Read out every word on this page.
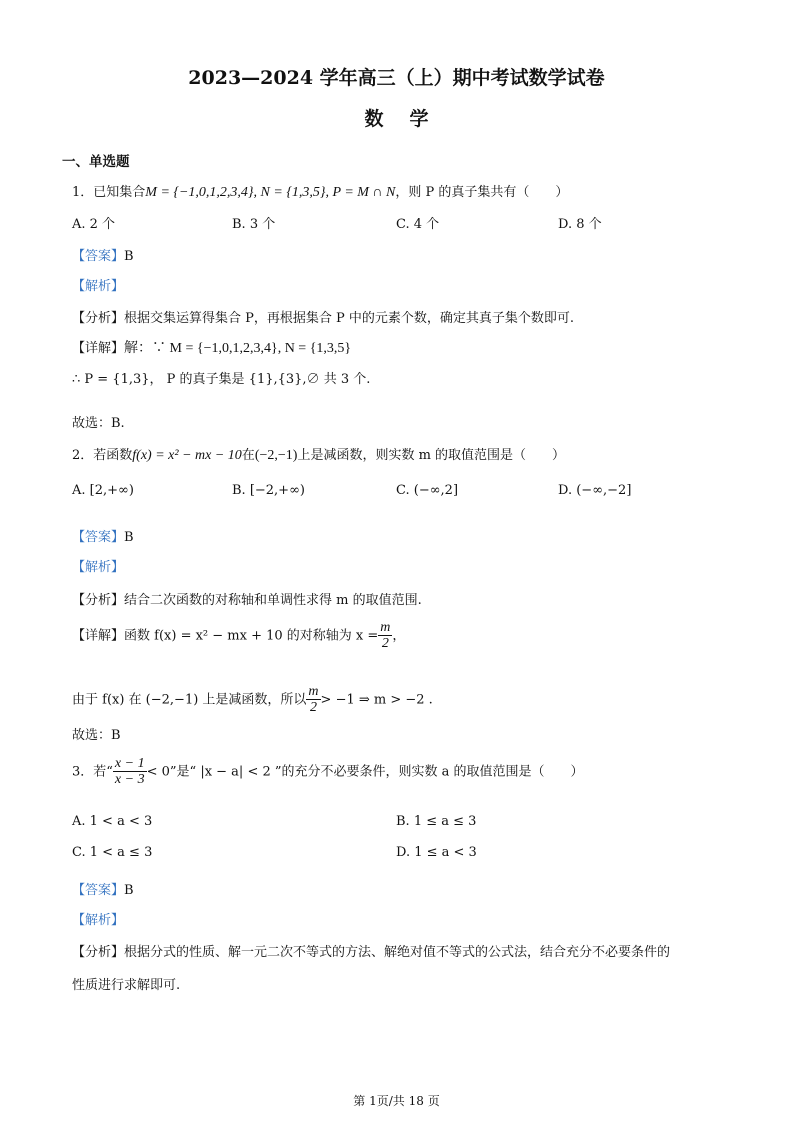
2023—2024 学年高三（上）期中考试数学试卷
数学
一、单选题
1．已知集合M = {−1,0,1,2,3,4}, N = {1,3,5}, P = M ∩ N，则 P 的真子集共有（　　）
A. 2 个	B. 3 个	C. 4 个	D. 8 个
【答案】B
【解析】
【分析】根据交集运算得集合 P，再根据集合 P 中的元素个数，确定其真子集个数即可.
【详解】解：∵ M = {−1,0,1,2,3,4}, N = {1,3,5}
∴ P = {1,3}， P 的真子集是 {1},{3},∅ 共 3 个.
故选：B.
2．若函数f(x) = x² − mx − 10在(−2,−1)上是减函数，则实数 m 的取值范围是（　　）
A. [2,+∞)	B. [−2,+∞)	C. (−∞,2]	D. (−∞,−2]
【答案】B
【解析】
【分析】结合二次函数的对称轴和单调性求得 m 的取值范围.
【详解】函数 f(x) = x² − mx + 10 的对称轴为 $x = \frac{m}{2}$ ，
由于 f(x) 在 (−2,−1) 上是减函数，所以 $\frac{m}{2} > -1$ ⇒ m > −2 .
故选：B
3．若“ $\frac{x - 1}{x - 3} < 0$”是“ |x − a| < 2 ”的充分不必要条件，则实数 a 的取值范围是（　　）
A. 1 < a < 3	B. 1 ≤ a ≤ 3
C. 1 < a ≤ 3	D. 1 ≤ a < 3
【答案】B
【解析】
【分析】根据分式的性质、解一元二次不等式的方法、解绝对值不等式的公式法，结合充分不必要条件的
性质进行求解即可.
第 1页/共 18 页
